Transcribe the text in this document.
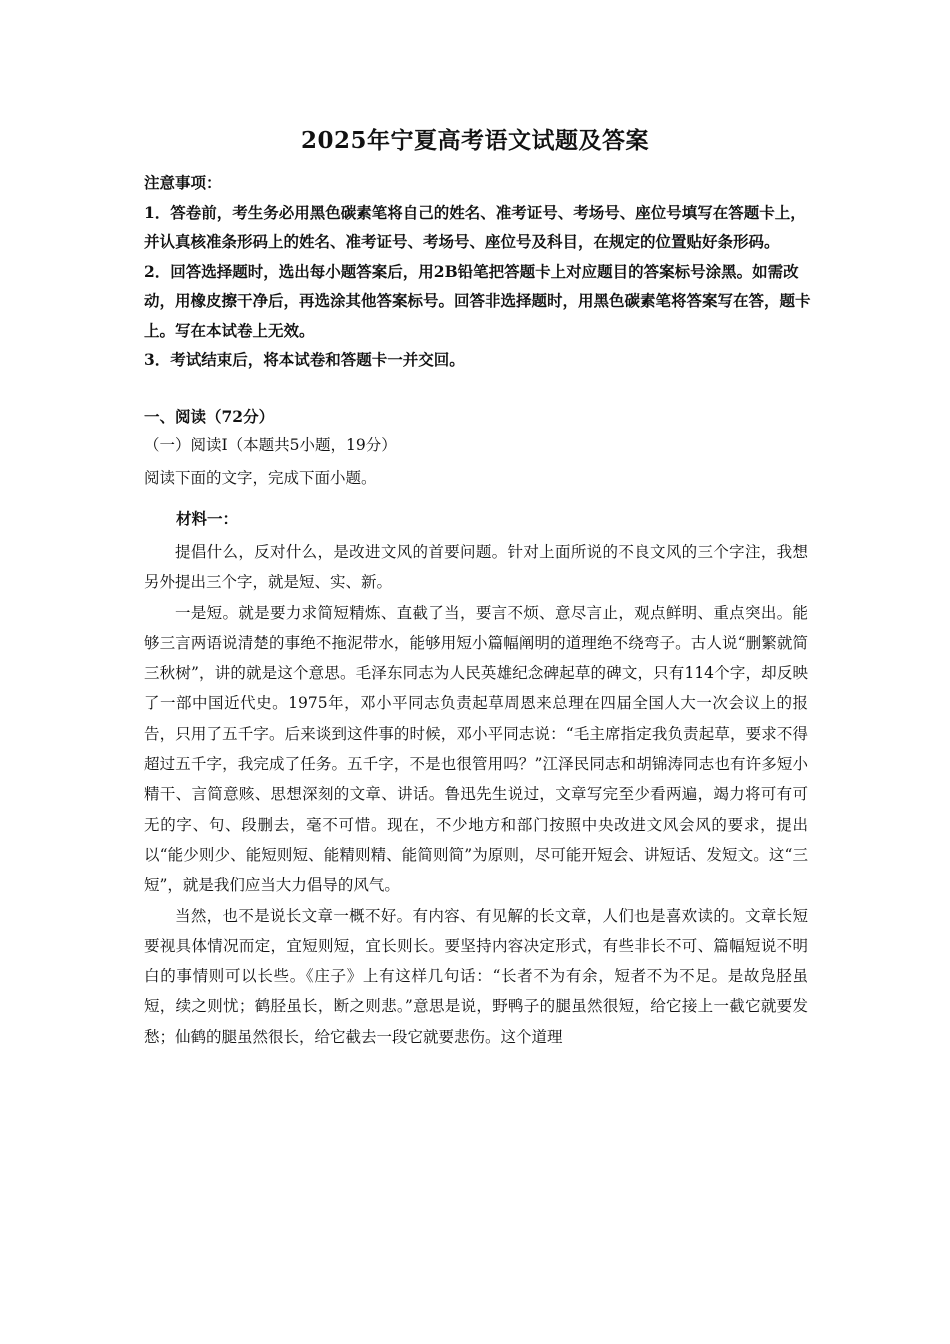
2025年宁夏高考语文试题及答案

注意事项：

1．答卷前，考生务必用黑色碳素笔将自己的姓名、准考证号、考场号、座位号填写在答题卡上，并认真核准条形码上的姓名、准考证号、考场号、座位号及科目，在规定的位置贴好条形码。

2．回答选择题时，选出每小题答案后，用2B铅笔把答题卡上对应题目的答案标号涂黑。如需改动，用橡皮擦干净后，再选涂其他答案标号。回答非选择题时，用黑色碳素笔将答案写在答，题卡上。写在本试卷上无效。

3．考试结束后，将本试卷和答题卡一并交回。

一、阅读（72分）

（一）阅读Ⅰ（本题共5小题，19分）

阅读下面的文字，完成下面小题。

材料一：

提倡什么，反对什么，是改进文风的首要问题。针对上面所说的不良文风的三个字注，我想另外提出三个字，就是短、实、新。

一是短。就是要力求简短精炼、直截了当，要言不烦、意尽言止，观点鲜明、重点突出。能够三言两语说清楚的事绝不拖泥带水，能够用短小篇幅阐明的道理绝不绕弯子。古人说“删繁就简三秋树”，讲的就是这个意思。毛泽东同志为人民英雄纪念碑起草的碑文，只有114个字，却反映了一部中国近代史。1975年，邓小平同志负责起草周恩来总理在四届全国人大一次会议上的报告，只用了五千字。后来谈到这件事的时候，邓小平同志说：“毛主席指定我负责起草，要求不得超过五千字，我完成了任务。五千字，不是也很管用吗？”江泽民同志和胡锦涛同志也有许多短小精干、言简意赅、思想深刻的文章、讲话。鲁迅先生说过，文章写完至少看两遍，竭力将可有可无的字、句、段删去，毫不可惜。现在，不少地方和部门按照中央改进文风会风的要求，提出以“能少则少、能短则短、能精则精、能简则简”为原则，尽可能开短会、讲短话、发短文。这“三短”，就是我们应当大力倡导的风气。

当然，也不是说长文章一概不好。有内容、有见解的长文章，人们也是喜欢读的。文章长短要视具体情况而定，宜短则短，宜长则长。要坚持内容决定形式，有些非长不可、篇幅短说不明白的事情则可以长些。《庄子》上有这样几句话：“长者不为有余，短者不为不足。是故凫胫虽短，续之则忧；鹤胫虽长，断之则悲。”意思是说，野鸭子的腿虽然很短，给它接上一截它就要发愁；仙鹤的腿虽然很长，给它截去一段它就要悲伤。这个道理
